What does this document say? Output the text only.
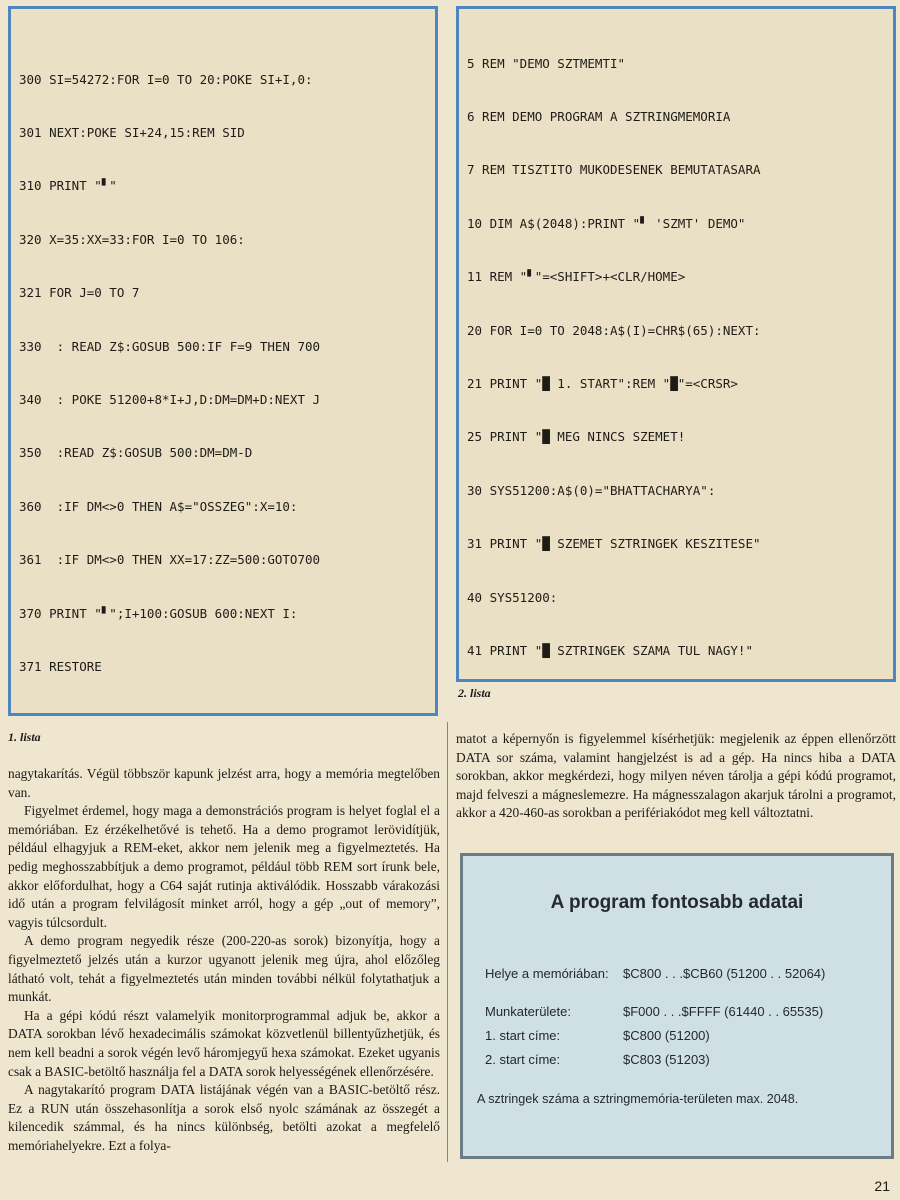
300 SI=54272:FOR I=0 TO 20:POKE SI+I,0:

301 NEXT:POKE SI+24,15:REM SID

310 PRINT "▘"

320 X=35:XX=33:FOR I=0 TO 106:

321 FOR J=0 TO 7

330  : READ Z$:GOSUB 500:IF F=9 THEN 700

340  : POKE 51200+8*I+J,D:DM=DM+D:NEXT J

350  :READ Z$:GOSUB 500:DM=DM-D

360  :IF DM<>0 THEN A$="OSSZEG":X=10:

361  :IF DM<>0 THEN XX=17:ZZ=500:GOTO700

370 PRINT "▘";I+100:GOSUB 600:NEXT I:

371 RESTORE

5 REM "DEMO SZTMEMTI"

6 REM DEMO PROGRAM A SZTRINGMEMORIA

7 REM TISZTITO MUKODESENEK BEMUTATASARA

10 DIM A$(2048):PRINT "▘ 'SZMT' DEMO"

11 REM "▘"=<SHIFT>+<CLR/HOME>

20 FOR I=0 TO 2048:A$(I)=CHR$(65):NEXT:

21 PRINT "█ 1. START":REM "█"=<CRSR>

25 PRINT "█ MEG NINCS SZEMET!

30 SYS51200:A$(0)="BHATTACHARYA":

31 PRINT "█ SZEMET SZTRINGEK KESZITESE"

40 SYS51200:

41 PRINT "█ SZTRINGEK SZAMA TUL NAGY!"

1. lista
2. lista

nagytakarítás. Végül többször kapunk jelzést arra, hogy a memória megtelőben van.

Figyelmet érdemel, hogy maga a demonstrációs program is helyet foglal el a memóriában. Ez érzékelhetővé is tehető. Ha a demo programot lerövidítjük, például elhagyjuk a REM-eket, akkor nem jelenik meg a figyelmeztetés. Ha pedig meghosszabbítjuk a demo programot, például több REM sort írunk bele, akkor előfordulhat, hogy a C64 saját rutinja aktiválódik. Hosszabb várakozási idő után a program felvilágosít minket arról, hogy a gép „out of memory”, vagyis túlcsordult.

A demo program negyedik része (200-220-as sorok) bizonyítja, hogy a figyelmeztető jelzés után a kurzor ugyanott jelenik meg újra, ahol előzőleg látható volt, tehát a figyelmeztetés után minden további nélkül folytathatjuk a munkát.

Ha a gépi kódú részt valamelyik monitorprogrammal adjuk be, akkor a DATA sorokban lévő hexadecimális számokat közvetlenül billentyűzhetjük, és nem kell beadni a sorok végén levő háromjegyű hexa számokat. Ezeket ugyanis csak a BASIC-betöltő használja fel a DATA sorok helyességének ellenőrzésére.

A nagytakarító program DATA listájának végén van a BASIC-betöltő rész. Ez a RUN után összehasonlítja a sorok első nyolc számának az összegét a kilencedik számmal, és ha nincs különbség, betölti azokat a megfelelő memóriahelyekre. Ezt a folya-

matot a képernyőn is figyelemmel kísérhetjük: megjelenik az éppen ellenőrzött DATA sor száma, valamint hangjelzést is ad a gép. Ha nincs hiba a DATA sorokban, akkor megkérdezi, hogy milyen néven tárolja a gépi kódú programot, majd felveszi a mágneslemezre. Ha mágnesszalagon akarjuk tárolni a programot, akkor a 420-460-as sorokban a perifériakódot meg kell változtatni.

A program fontosabb adatai
Helye a memóriában:	$C800 . . .$CB60 (51200 . . 52064)
Munkaterülete:	$F000 . . .$FFFF (61440 . . 65535)
1. start címe:	$C800 (51200)
2. start címe:	$C803 (51203)
A sztringek száma a sztringmemória-területen max. 2048.
21
